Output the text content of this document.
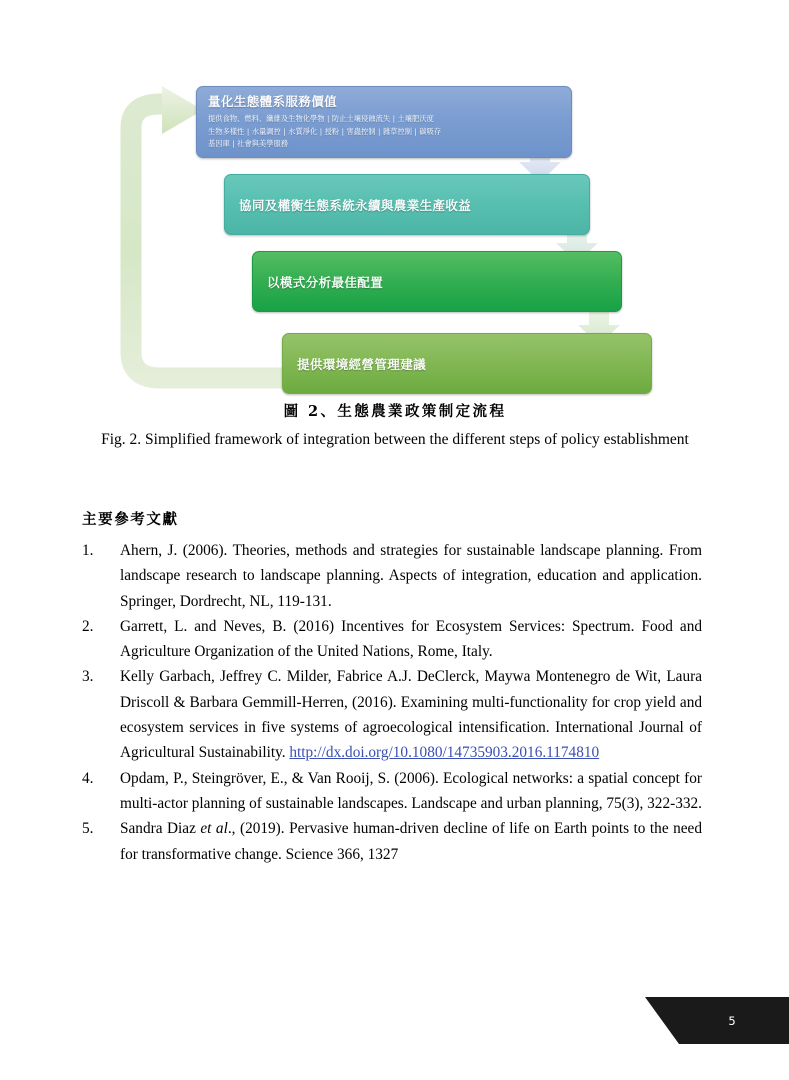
量化生態體系服務價值
提供食物、燃料、纖維及生物化學物 | 防止土壤侵蝕流失 | 土壤肥沃度
生物多樣性 | 水量調控 | 水質淨化 | 授粉 | 害蟲控制 | 雜草控制 | 碳吸存
基因庫 | 社會與美學服務
協同及權衡生態系統永續與農業生產收益
以模式分析最佳配置
提供環境經營管理建議
圖 2、生態農業政策制定流程
Fig. 2. Simplified framework of integration between the different steps of policy establishment
主要參考文獻
1.	Ahern, J. (2006). Theories, methods and strategies for sustainable landscape planning. From landscape research to landscape planning. Aspects of integration, education and application. Springer, Dordrecht, NL, 119-131.
2.	Garrett, L. and Neves, B. (2016) Incentives for Ecosystem Services: Spectrum. Food and Agriculture Organization of the United Nations, Rome, Italy.
3.	Kelly Garbach, Jeffrey C. Milder, Fabrice A.J. DeClerck, Maywa Montenegro de Wit, Laura Driscoll & Barbara Gemmill-Herren, (2016). Examining multi-functionality for crop yield and ecosystem services in five systems of agroecological intensification. International Journal of Agricultural Sustainability. http://dx.doi.org/10.1080/14735903.2016.1174810
4.	Opdam, P., Steingröver, E., & Van Rooij, S. (2006). Ecological networks: a spatial concept for multi-actor planning of sustainable landscapes. Landscape and urban planning, 75(3), 322-332.
5.	Sandra Diaz et al., (2019). Pervasive human-driven decline of life on Earth points to the need for transformative change. Science 366, 1327
5
